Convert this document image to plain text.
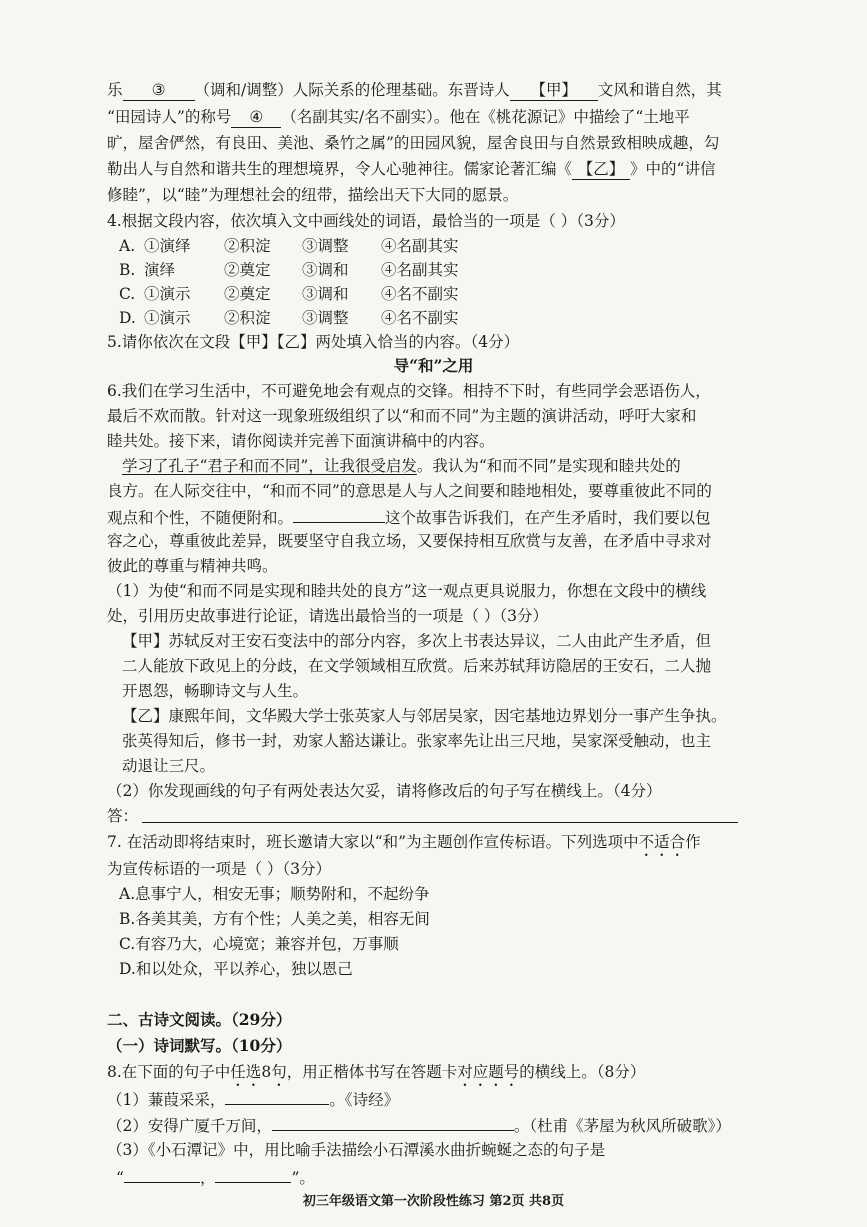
乐 ③ （调和/调整）人际关系的伦理基础。东晋诗人 【甲】 文风和谐自然，其
“田园诗人”的称号 ④ （名副其实/名不副实）。他在《桃花源记》中描绘了“土地平
旷，屋舍俨然，有良田、美池、桑竹之属”的田园风貌，屋舍良田与自然景致相映成趣，勾
勒出人与自然和谐共生的理想境界，令人心驰神往。儒家论著汇编《 【乙】 》中的“讲信
修睦”，以“睦”为理想社会的纽带，描绘出天下大同的愿景。
4.根据文段内容，依次填入文中画线处的词语，最恰当的一项是（ ）（3分）
A. ①演绎 ②积淀 ③调整 ④名副其实
B. 演绎	②奠定 ③调和 ④名副其实
C. ①演示 ②奠定 ③调和 ④名不副实
D. ①演示 ②积淀 ③调整 ④名不副实
5.请你依次在文段【甲】【乙】两处填入恰当的内容。（4分）
导“和”之用
6.我们在学习生活中，不可避免地会有观点的交锋。相持不下时，有些同学会恶语伤人，
最后不欢而散。针对这一现象班级组织了以“和而不同”为主题的演讲活动，呼吁大家和
睦共处。接下来，请你阅读并完善下面演讲稿中的内容。
学习了孔子“君子和而不同”，让我很受启发。我认为“和而不同”是实现和睦共处的
良方。在人际交往中，“和而不同”的意思是人与人之间要和睦地相处，要尊重彼此不同的
观点和个性，不随便附和。	这个故事告诉我们，在产生矛盾时，我们要以包
容之心，尊重彼此差异，既要坚守自我立场，又要保持相互欣赏与友善，在矛盾中寻求对
彼此的尊重与精神共鸣。
（1）为使“和而不同是实现和睦共处的良方”这一观点更具说服力，你想在文段中的横线
处，引用历史故事进行论证，请选出最恰当的一项是（ ）（3分）
【甲】苏轼反对王安石变法中的部分内容，多次上书表达异议，二人由此产生矛盾，但
二人能放下政见上的分歧，在文学领域相互欣赏。后来苏轼拜访隐居的王安石，二人抛
开恩怨，畅聊诗文与人生。
【乙】康熙年间，文华殿大学士张英家人与邻居吴家，因宅基地边界划分一事产生争执。
张英得知后，修书一封，劝家人豁达谦让。张家率先让出三尺地，吴家深受触动，也主
动退让三尺。
（2）你发现画线的句子有两处表达欠妥，请将修改后的句子写在横线上。（4分）
答：
7. 在活动即将结束时，班长邀请大家以“和”为主题创作宣传标语。下列选项中不适合作
为宣传标语的一项是（ ）（3分）
A.息事宁人，相安无事；顺势附和，不起纷争
B.各美其美，方有个性；人美之美，相容无间
C.有容乃大，心境宽；兼容并包，万事顺
D.和以处众，平以养心，独以恩己
二、古诗文阅读。（29分）
（一）诗词默写。（10分）
8.在下面的句子中任选8句，用正楷体书写在答题卡对应题号的横线上。（8分）
（1）蒹葭采采，	。《诗经》
（2）安得广厦千万间，	。（杜甫《茅屋为秋风所破歌》）
（3）《小石潭记》中，用比喻手法描绘小石潭溪水曲折蜿蜒之态的句子是
“	，	”。
初三年级语文第一次阶段性练习 第2页 共8页
